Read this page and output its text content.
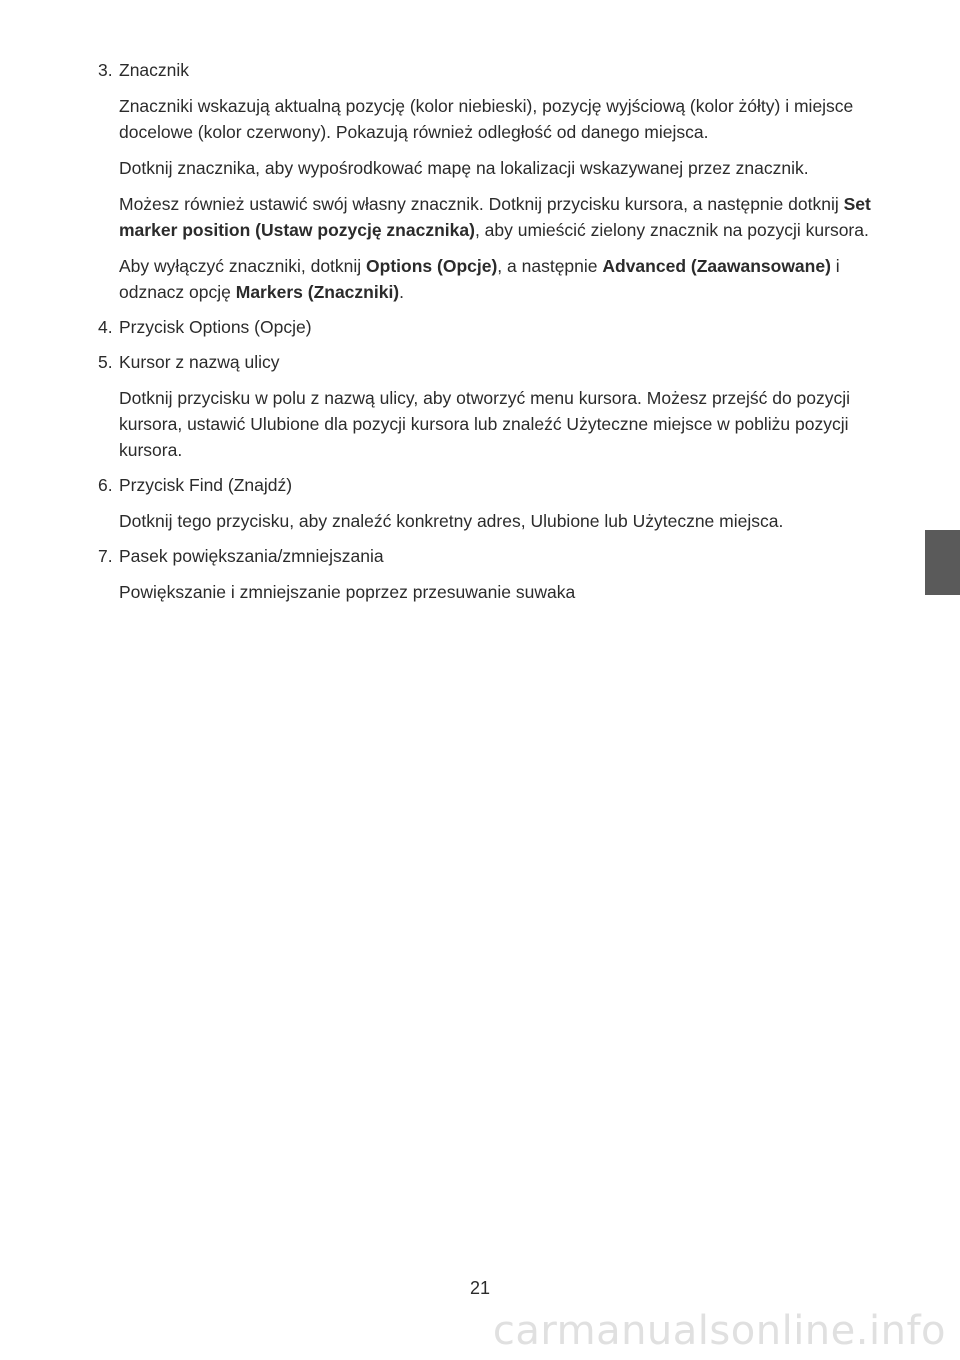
3. Znacznik
Znaczniki wskazują aktualną pozycję (kolor niebieski), pozycję wyjściową (kolor żółty) i miejsce docelowe (kolor czerwony). Pokazują również odległość od danego miejsca.
Dotknij znacznika, aby wypośrodkować mapę na lokalizacji wskazywanej przez znacznik.
Możesz również ustawić swój własny znacznik. Dotknij przycisku kursora, a następnie dotknij Set marker position (Ustaw pozycję znacznika), aby umieścić zielony znacznik na pozycji kursora.
Aby wyłączyć znaczniki, dotknij Options (Opcje), a następnie Advanced (Zaawansowane) i odznacz opcję Markers (Znaczniki).
4. Przycisk Options (Opcje)
5. Kursor z nazwą ulicy
Dotknij przycisku w polu z nazwą ulicy, aby otworzyć menu kursora. Możesz przejść do pozycji kursora, ustawić Ulubione dla pozycji kursora lub znaleźć Użyteczne miejsce w pobliżu pozycji kursora.
6. Przycisk Find (Znajdź)
Dotknij tego przycisku, aby znaleźć konkretny adres, Ulubione lub Użyteczne miejsca.
7. Pasek powiększania/zmniejszania
Powiększanie i zmniejszanie poprzez przesuwanie suwaka
21
carmanualsonline.info
